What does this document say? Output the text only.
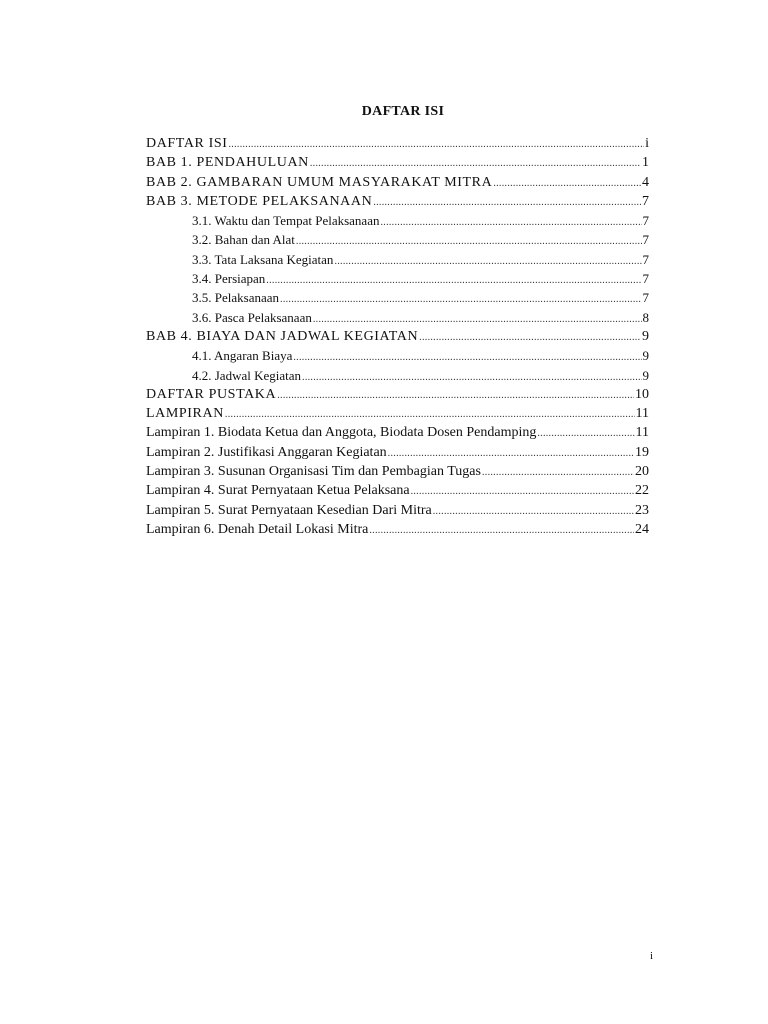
DAFTAR ISI
DAFTAR ISI .....	i
BAB 1. PENDAHULUAN .....	1
BAB 2. GAMBARAN UMUM MASYARAKAT MITRA .....	4
BAB 3. METODE PELAKSANAAN .....	7
3.1. Waktu dan Tempat Pelaksanaan .....	7
3.2. Bahan dan Alat .....	7
3.3. Tata Laksana Kegiatan .....	7
3.4. Persiapan .....	7
3.5. Pelaksanaan .....	7
3.6. Pasca Pelaksanaan .....	8
BAB 4. BIAYA DAN JADWAL KEGIATAN .....	9
4.1. Angaran Biaya .....	9
4.2. Jadwal Kegiatan .....	9
DAFTAR PUSTAKA .....	10
LAMPIRAN .....	11
Lampiran 1. Biodata Ketua dan Anggota, Biodata Dosen Pendamping .....	11
Lampiran 2. Justifikasi Anggaran Kegiatan .....	19
Lampiran 3. Susunan Organisasi Tim dan Pembagian Tugas .....	20
Lampiran 4. Surat Pernyataan Ketua Pelaksana .....	22
Lampiran 5. Surat Pernyataan Kesedian Dari Mitra .....	23
Lampiran 6. Denah Detail Lokasi Mitra .....	24
i
